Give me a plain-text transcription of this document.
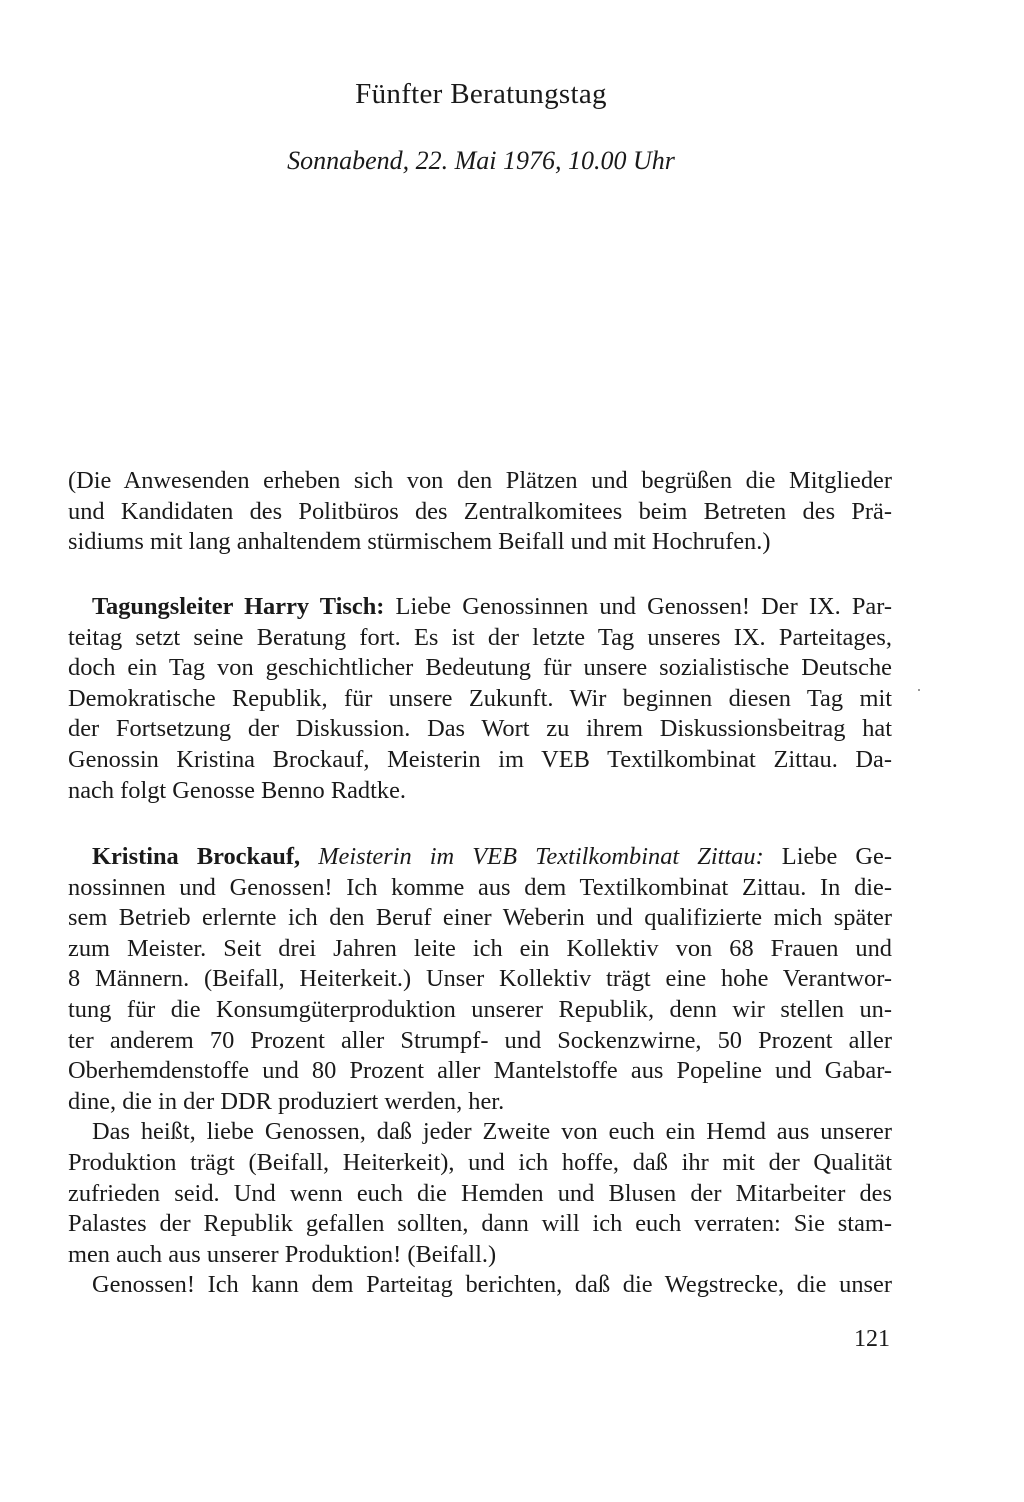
Fünfter Beratungstag

Sonnabend, 22. Mai 1976, 10.00 Uhr

(Die Anwesenden erheben sich von den Plätzen und begrüßen die Mitglieder
und Kandidaten des Politbüros des Zentralkomitees beim Betreten des Prä-
sidiums mit lang anhaltendem stürmischem Beifall und mit Hochrufen.)
Tagungsleiter Harry Tisch: Liebe Genossinnen und Genossen! Der IX. Par-
teitag setzt seine Beratung fort. Es ist der letzte Tag unseres IX. Parteitages,
doch ein Tag von geschichtlicher Bedeutung für unsere sozialistische Deutsche
Demokratische Republik, für unsere Zukunft. Wir beginnen diesen Tag mit
der Fortsetzung der Diskussion. Das Wort zu ihrem Diskussionsbeitrag hat
Genossin Kristina Brockauf, Meisterin im VEB Textilkombinat Zittau. Da-
nach folgt Genosse Benno Radtke.
Kristina Brockauf, Meisterin im VEB Textilkombinat Zittau: Liebe Ge-
nossinnen und Genossen! Ich komme aus dem Textilkombinat Zittau. In die-
sem Betrieb erlernte ich den Beruf einer Weberin und qualifizierte mich später
zum Meister. Seit drei Jahren leite ich ein Kollektiv von 68 Frauen und
8 Männern. (Beifall, Heiterkeit.) Unser Kollektiv trägt eine hohe Verantwor-
tung für die Konsumgüterproduktion unserer Republik, denn wir stellen un-
ter anderem 70 Prozent aller Strumpf- und Sockenzwirne, 50 Prozent aller
Oberhemdenstoffe und 80 Prozent aller Mantelstoffe aus Popeline und Gabar-
dine, die in der DDR produziert werden, her.
Das heißt, liebe Genossen, daß jeder Zweite von euch ein Hemd aus unserer
Produktion trägt (Beifall, Heiterkeit), und ich hoffe, daß ihr mit der Qualität
zufrieden seid. Und wenn euch die Hemden und Blusen der Mitarbeiter des
Palastes der Republik gefallen sollten, dann will ich euch verraten: Sie stam-
men auch aus unserer Produktion! (Beifall.)
Genossen! Ich kann dem Parteitag berichten, daß die Wegstrecke, die unser

121
